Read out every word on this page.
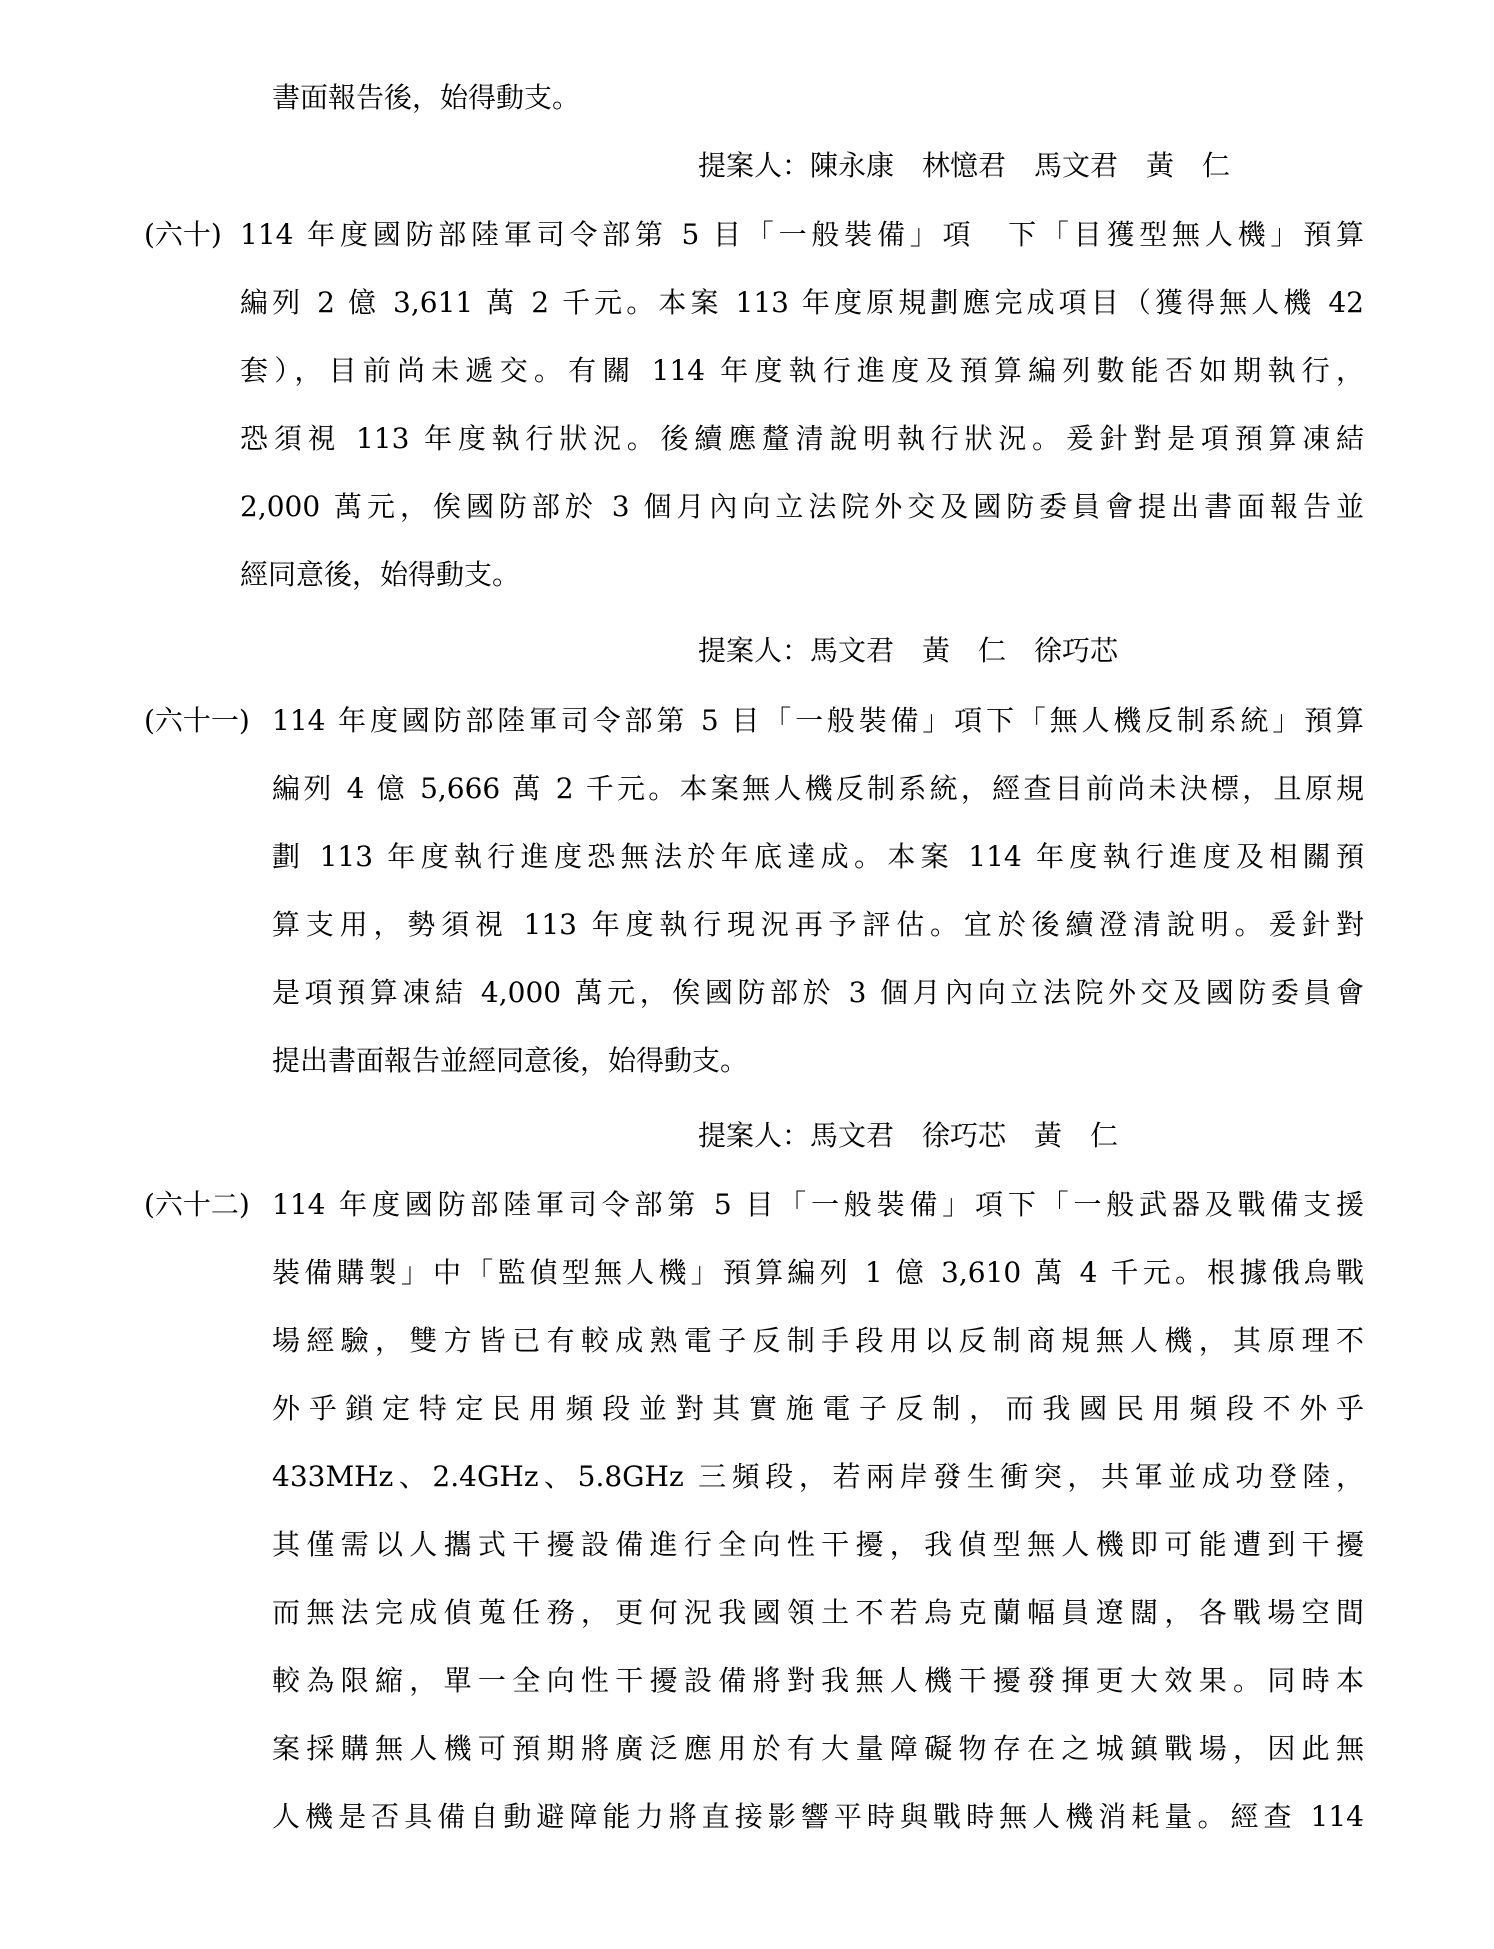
書面報告後，始得動支。
提案人：陳永康　林憶君　馬文君　黃　仁
(六十) 114 年度國防部陸軍司令部第 5 目「一般裝備」項　下「目獲型無人機」預算
編列 2 億 3,611 萬 2 千元。本案 113 年度原規劃應完成項目（獲得無人機 42
套），目前尚未遞交。有關 114 年度執行進度及預算編列數能否如期執行，
恐須視 113 年度執行狀況。後續應釐清說明執行狀況。爰針對是項預算凍結
2,000 萬元，俟國防部於 3 個月內向立法院外交及國防委員會提出書面報告並
經同意後，始得動支。
提案人：馬文君　黃　仁　徐巧芯
(六十一) 114 年度國防部陸軍司令部第 5 目「一般裝備」項下「無人機反制系統」預算
編列 4 億 5,666 萬 2 千元。本案無人機反制系統，經查目前尚未決標，且原規
劃 113 年度執行進度恐無法於年底達成。本案 114 年度執行進度及相關預
算支用，勢須視 113 年度執行現況再予評估。宜於後續澄清說明。爰針對
是項預算凍結 4,000 萬元，俟國防部於 3 個月內向立法院外交及國防委員會
提出書面報告並經同意後，始得動支。
提案人：馬文君　徐巧芯　黃　仁
(六十二) 114 年度國防部陸軍司令部第 5 目「一般裝備」項下「一般武器及戰備支援
裝備購製」中「監偵型無人機」預算編列 1 億 3,610 萬 4 千元。根據俄烏戰
場經驗，雙方皆已有較成熟電子反制手段用以反制商規無人機，其原理不
外乎鎖定特定民用頻段並對其實施電子反制，而我國民用頻段不外乎
433MHz、2.4GHz、5.8GHz 三頻段，若兩岸發生衝突，共軍並成功登陸，
其僅需以人攜式干擾設備進行全向性干擾，我偵型無人機即可能遭到干擾
而無法完成偵蒐任務，更何況我國領土不若烏克蘭幅員遼闊，各戰場空間
較為限縮，單一全向性干擾設備將對我無人機干擾發揮更大效果。同時本
案採購無人機可預期將廣泛應用於有大量障礙物存在之城鎮戰場，因此無
人機是否具備自動避障能力將直接影響平時與戰時無人機消耗量。經查 114
